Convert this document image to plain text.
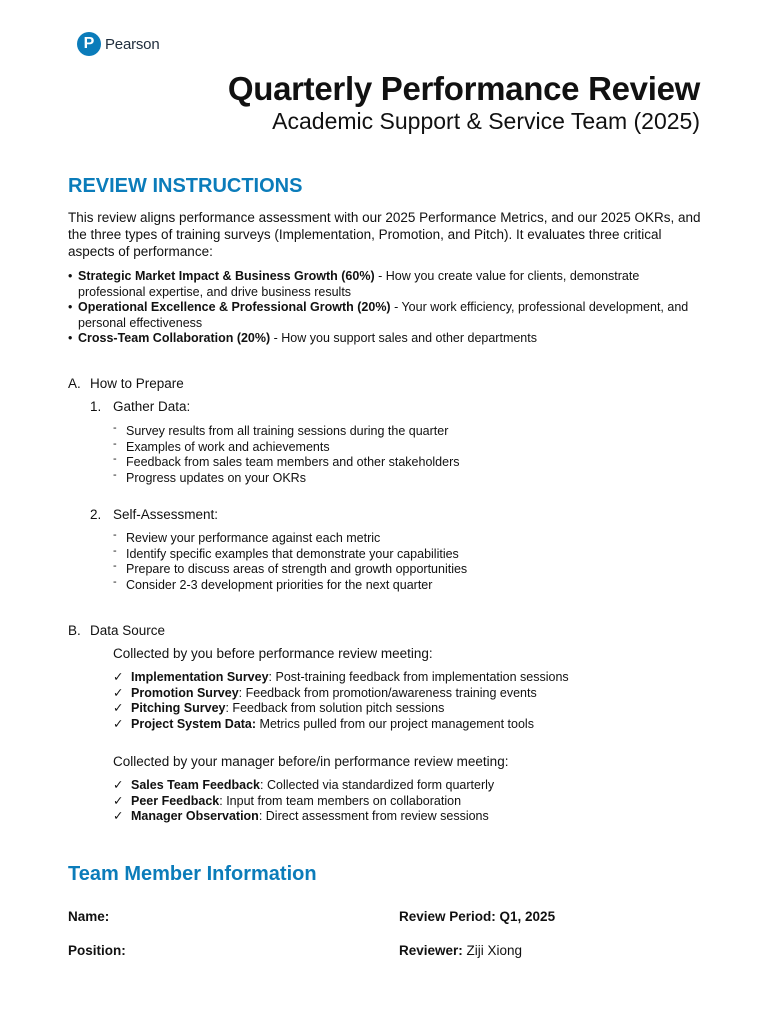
P Pearson
Quarterly Performance Review
Academic Support & Service Team (2025)
REVIEW INSTRUCTIONS

This review aligns performance assessment with our 2025 Performance Metrics, and our 2025 OKRs, and the three types of training surveys (Implementation, Promotion, and Pitch). It evaluates three critical aspects of performance:

• Strategic Market Impact & Business Growth (60%) - How you create value for clients, demonstrate professional expertise, and drive business results
• Operational Excellence & Professional Growth (20%) - Your work efficiency, professional development, and personal effectiveness
• Cross-Team Collaboration (20%) - How you support sales and other departments
A. How to Prepare
1. Gather Data:
- Survey results from all training sessions during the quarter
- Examples of work and achievements
- Feedback from sales team members and other stakeholders
- Progress updates on your OKRs
2. Self-Assessment:
- Review your performance against each metric
- Identify specific examples that demonstrate your capabilities
- Prepare to discuss areas of strength and growth opportunities
- Consider 2-3 development priorities for the next quarter
B. Data Source
Collected by you before performance review meeting:
✓ Implementation Survey: Post-training feedback from implementation sessions
✓ Promotion Survey: Feedback from promotion/awareness training events
✓ Pitching Survey: Feedback from solution pitch sessions
✓ Project System Data: Metrics pulled from our project management tools
Collected by your manager before/in performance review meeting:
✓ Sales Team Feedback: Collected via standardized form quarterly
✓ Peer Feedback: Input from team members on collaboration
✓ Manager Observation: Direct assessment from review sessions
Team Member Information
Name:	Review Period: Q1, 2025
Position:	Reviewer: Ziji Xiong
